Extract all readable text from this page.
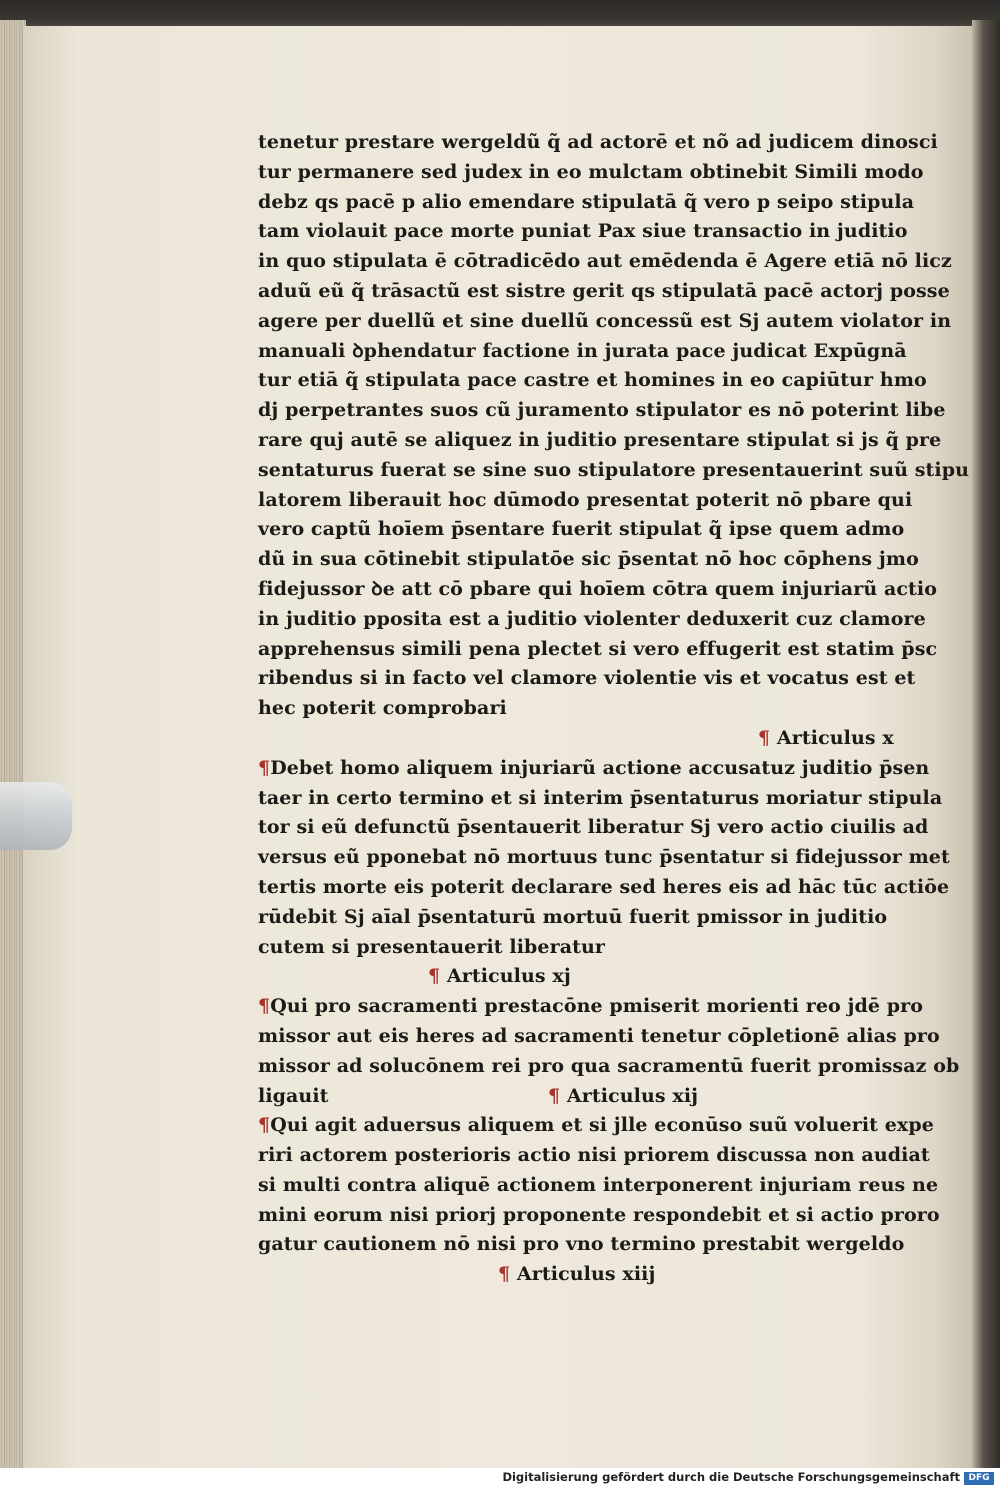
tenetur prestare wergeldũ q̃ ad actorē et nõ ad judicem dinosci
tur permanere sed judex in eo mulctam obtinebit Simili modo
debz qs pacē p alio emendare stipulatā q̃ vero p seipo stipula
tam violauit pace morte puniat Pax siue transactio in juditio
in quo stipulata ē cōtradicēdo aut emēdenda ē Agere etiā nō licz
aduũ eũ q̃ trāsactũ est sistre gerit qs stipulatā pacē actorj posse
agere per duellũ et sine duellũ concessũ est Sj autem violator in
manuali ꝺphendatur factione in jurata pace judicat Expūgnā
tur etiā q̃ stipulata pace castre et homines in eo capiūtur hmo
dj perpetrantes suos cũ juramento stipulator es nō poterint libe
rare quj autē se aliquez in juditio presentare stipulat si js q̃ pre
sentaturus fuerat se sine suo stipulatore presentauerint suũ stipu
latorem liberauit hoc dūmodo presentat poterit nō pbare qui
vero captũ hoīem p̄sentare fuerit stipulat q̃ ipse quem admo
dũ in sua cōtinebit stipulatōe sic p̄sentat nō hoc cōphens jmo
fidejussor ꝺe att cō pbare qui hoīem cōtra quem injuriarũ actio
in juditio pposita est a juditio violenter deduxerit cuz clamore
apprehensus simili pena plectet si vero effugerit est statim p̄sc
ribendus si in facto vel clamore violentie vis et vocatus est et
hec poterit comprobari
¶ Articulus x
¶Debet homo aliquem injuriarũ actione accusatuz juditio p̄sen
taer in certo termino et si interim p̄sentaturus moriatur stipula
tor si eũ defunctũ p̄sentauerit liberatur Sj vero actio ciuilis ad
versus eũ pponebat nō mortuus tunc p̄sentatur si fidejussor met
tertis morte eis poterit declarare sed heres eis ad hāc tūc actiōe
rūdebit Sj aīal p̄sentaturū mortuū fuerit pmissor in juditio
cutem si presentauerit liberatur
¶ Articulus xj
¶Qui pro sacramenti prestacōne pmiserit morienti reo jdē pro
missor aut eis heres ad sacramenti tenetur cōpletionē alias pro
missor ad solucōnem rei pro qua sacramentū fuerit promissaz ob
ligauit	¶ Articulus xij
¶Qui agit aduersus aliquem et si jlle econūso suũ voluerit expe
riri actorem posterioris actio nisi priorem discussa non audiat
si multi contra aliquē actionem interponerent injuriam reus ne
mini eorum nisi priorj proponente respondebit et si actio proro
gatur cautionem nō nisi pro vno termino prestabit wergeldo
¶ Articulus xiij
Digitalisierung gefördert durch die Deutsche Forschungsgemeinschaft DFG
